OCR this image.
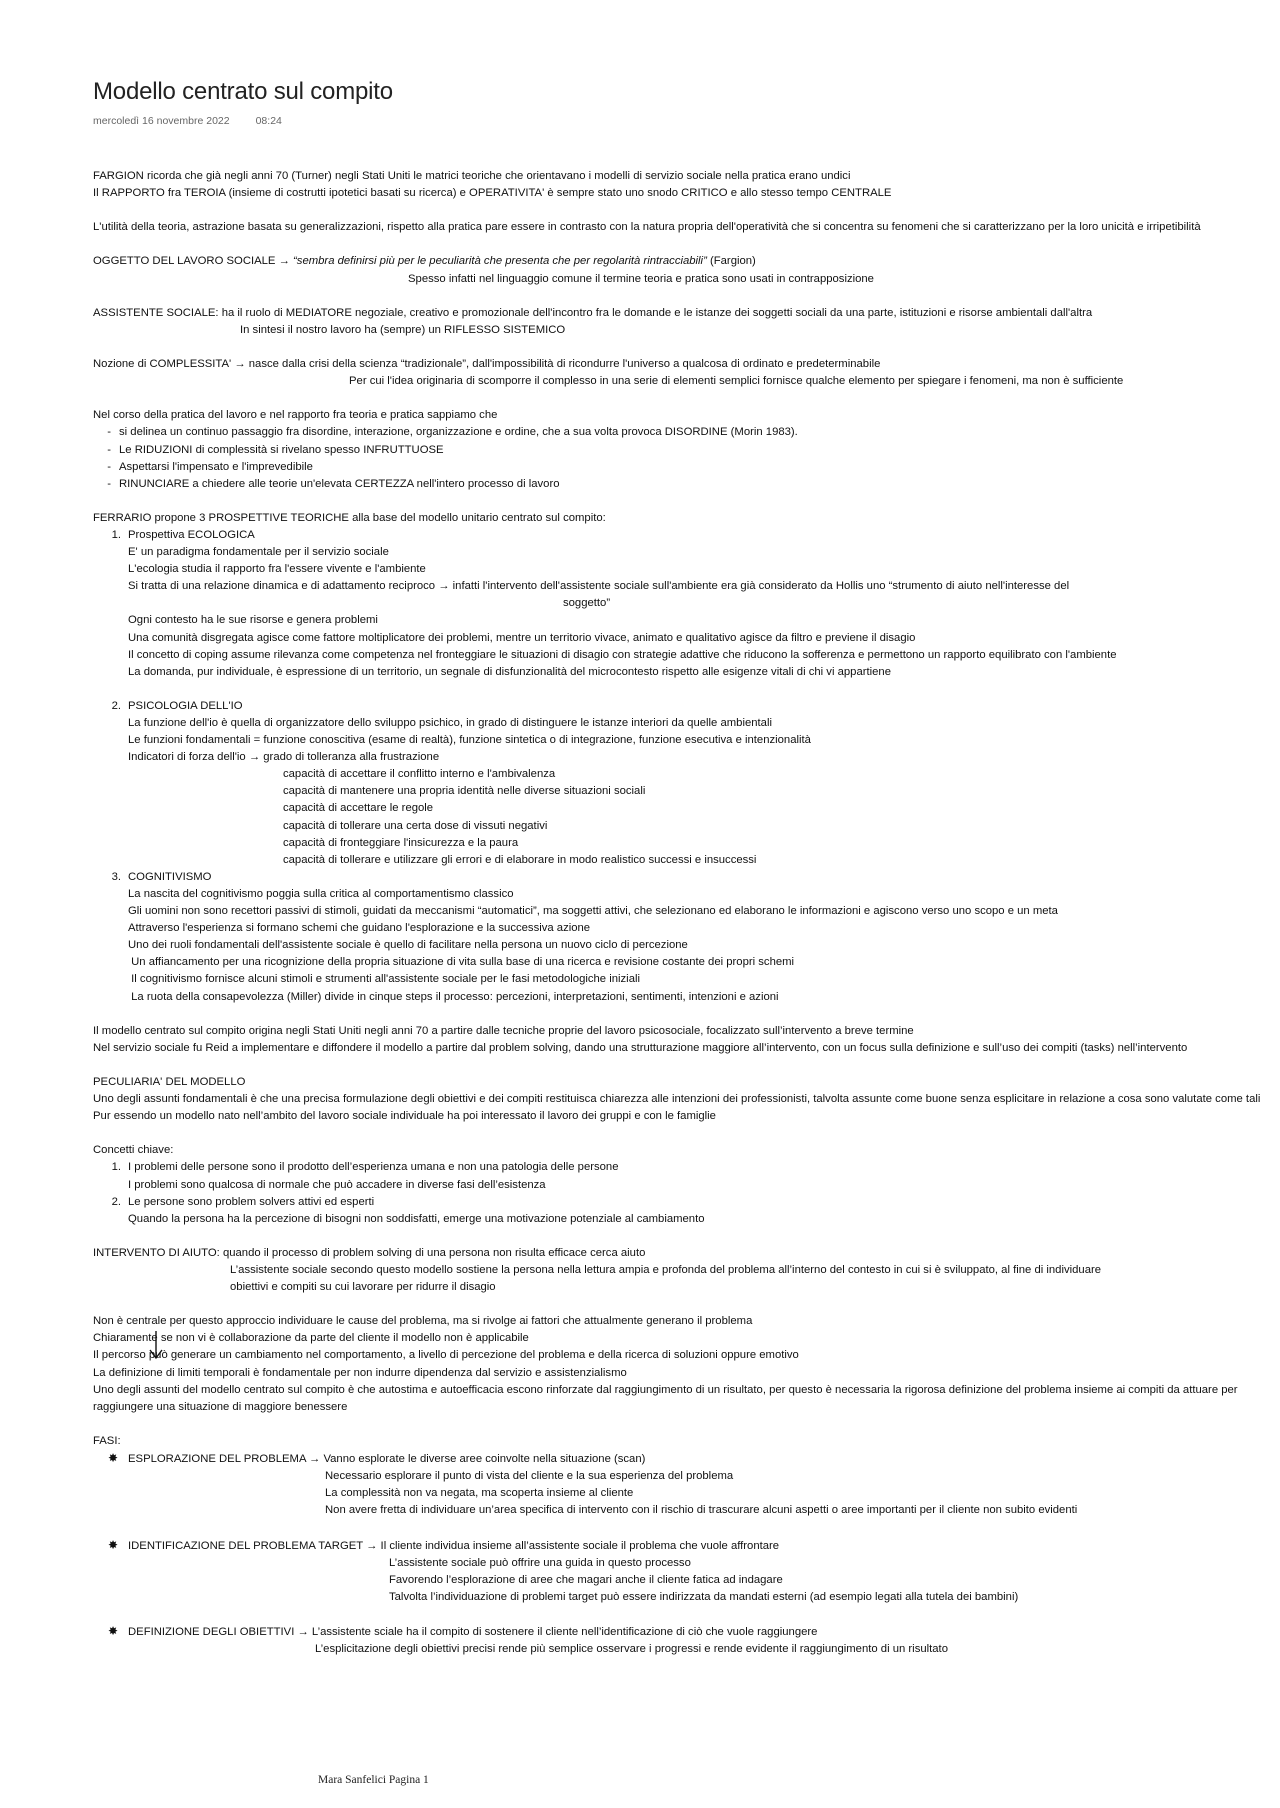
Modello centrato sul compito
mercoledì 16 novembre 2022 08:24

FARGION ricorda che già negli anni 70 (Turner) negli Stati Uniti le matrici teoriche che orientavano i modelli di servizio sociale nella pratica erano undici

Il RAPPORTO fra TEROIA (insieme di costrutti ipotetici basati su ricerca) e OPERATIVITA' è sempre stato uno snodo CRITICO e allo stesso tempo CENTRALE

L'utilità della teoria, astrazione basata su generalizzazioni, rispetto alla pratica pare essere in contrasto con la natura propria dell'operatività che si concentra su fenomeni che si caratterizzano per la loro unicità e irripetibilità

OGGETTO DEL LAVORO SOCIALE → “sembra definirsi più per le peculiarità che presenta che per regolarità rintracciabili” (Fargion)

Spesso infatti nel linguaggio comune il termine teoria e pratica sono usati in contrapposizione

ASSISTENTE SOCIALE: ha il ruolo di MEDIATORE negoziale, creativo e promozionale dell'incontro fra le domande e le istanze dei soggetti sociali da una parte, istituzioni e risorse ambientali dall'altra

In sintesi il nostro lavoro ha (sempre) un RIFLESSO SISTEMICO

Nozione di COMPLESSITA' → nasce dalla crisi della scienza “tradizionale”, dall'impossibilità di ricondurre l'universo a qualcosa di ordinato e predeterminabile

Per cui l'idea originaria di scomporre il complesso in una serie di elementi semplici fornisce qualche elemento per spiegare i fenomeni, ma non è sufficiente

Nel corso della pratica del lavoro e nel rapporto fra teoria e pratica sappiamo che

- si delinea un continuo passaggio fra disordine, interazione, organizzazione e ordine, che a sua volta provoca DISORDINE (Morin 1983).

- Le RIDUZIONI di complessità si rivelano spesso INFRUTTUOSE

- Aspettarsi l'impensato e l'imprevedibile

- RINUNCIARE a chiedere alle teorie un'elevata CERTEZZA nell'intero processo di lavoro

FERRARIO propone 3 PROSPETTIVE TEORICHE alla base del modello unitario centrato sul compito:

1. Prospettiva ECOLOGICA

E' un paradigma fondamentale per il servizio sociale

L'ecologia studia il rapporto fra l'essere vivente e l'ambiente

Si tratta di una relazione dinamica e di adattamento reciproco → infatti l'intervento dell'assistente sociale sull'ambiente era già considerato da Hollis uno “strumento di aiuto nell'interesse del

soggetto”

Ogni contesto ha le sue risorse e genera problemi

Una comunità disgregata agisce come fattore moltiplicatore dei problemi, mentre un territorio vivace, animato e qualitativo agisce da filtro e previene il disagio

Il concetto di coping assume rilevanza come competenza nel fronteggiare le situazioni di disagio con strategie adattive che riducono la sofferenza e permettono un rapporto equilibrato con l'ambiente

La domanda, pur individuale, è espressione di un territorio, un segnale di disfunzionalità del microcontesto rispetto alle esigenze vitali di chi vi appartiene

2. PSICOLOGIA DELL'IO

La funzione dell'io è quella di organizzatore dello sviluppo psichico, in grado di distinguere le istanze interiori da quelle ambientali

Le funzioni fondamentali = funzione conoscitiva (esame di realtà), funzione sintetica o di integrazione, funzione esecutiva e intenzionalità

Indicatori di forza dell'io → grado di tolleranza alla frustrazione

capacità di accettare il conflitto interno e l'ambivalenza

capacità di mantenere una propria identità nelle diverse situazioni sociali

capacità di accettare le regole

capacità di tollerare una certa dose di vissuti negativi

capacità di fronteggiare l'insicurezza e la paura

capacità di tollerare e utilizzare gli errori e di elaborare in modo realistico successi e insuccessi

3. COGNITIVISMO

La nascita del cognitivismo poggia sulla critica al comportamentismo classico

Gli uomini non sono recettori passivi di stimoli, guidati da meccanismi “automatici”, ma soggetti attivi, che selezionano ed elaborano le informazioni e agiscono verso uno scopo e un meta

Attraverso l'esperienza si formano schemi che guidano l'esplorazione e la successiva azione

Uno dei ruoli fondamentali dell'assistente sociale è quello di facilitare nella persona un nuovo ciclo di percezione

Un affiancamento per una ricognizione della propria situazione di vita sulla base di una ricerca e revisione costante dei propri schemi

Il cognitivismo fornisce alcuni stimoli e strumenti all'assistente sociale per le fasi metodologiche iniziali

La ruota della consapevolezza (Miller) divide in cinque steps il processo: percezioni, interpretazioni, sentimenti, intenzioni e azioni

Il modello centrato sul compito origina negli Stati Uniti negli anni 70 a partire dalle tecniche proprie del lavoro psicosociale, focalizzato sull’intervento a breve termine

Nel servizio sociale fu Reid a implementare e diffondere il modello a partire dal problem solving, dando una strutturazione maggiore all’intervento, con un focus sulla definizione e sull’uso dei compiti (tasks) nell’intervento

PECULIARIA' DEL MODELLO

Uno degli assunti fondamentali è che una precisa formulazione degli obiettivi e dei compiti restituisca chiarezza alle intenzioni dei professionisti, talvolta assunte come buone senza esplicitare in relazione a cosa sono valutate come tali

Pur essendo un modello nato nell’ambito del lavoro sociale individuale ha poi interessato il lavoro dei gruppi e con le famiglie

Concetti chiave:

1. I problemi delle persone sono il prodotto dell’esperienza umana e non una patologia delle persone

I problemi sono qualcosa di normale che può accadere in diverse fasi dell’esistenza

2. Le persone sono problem solvers attivi ed esperti

Quando la persona ha la percezione di bisogni non soddisfatti, emerge una motivazione potenziale al cambiamento

INTERVENTO DI AIUTO: quando il processo di problem solving di una persona non risulta efficace cerca aiuto

L’assistente sociale secondo questo modello sostiene la persona nella lettura ampia e profonda del problema all’interno del contesto in cui si è sviluppato, al fine di individuare

obiettivi e compiti su cui lavorare per ridurre il disagio

Non è centrale per questo approccio individuare le cause del problema, ma si rivolge ai fattori che attualmente generano il problema

Chiaramente se non vi è collaborazione da parte del cliente il modello non è applicabile

Il percorso può generare un cambiamento nel comportamento, a livello di percezione del problema e della ricerca di soluzioni oppure emotivo

La definizione di limiti temporali è fondamentale per non indurre dipendenza dal servizio e assistenzialismo

Uno degli assunti del modello centrato sul compito è che autostima e autoefficacia escono rinforzate dal raggiungimento di un risultato, per questo è necessaria la rigorosa definizione del problema insieme ai compiti da attuare per raggiungere una situazione di maggiore benessere

FASI:

✸ ESPLORAZIONE DEL PROBLEMA → Vanno esplorate le diverse aree coinvolte nella situazione (scan)

Necessario esplorare il punto di vista del cliente e la sua esperienza del problema

La complessità non va negata, ma scoperta insieme al cliente

Non avere fretta di individuare un’area specifica di intervento con il rischio di trascurare alcuni aspetti o aree importanti per il cliente non subito evidenti

✸ IDENTIFICAZIONE DEL PROBLEMA TARGET → Il cliente individua insieme all’assistente sociale il problema che vuole affrontare

L’assistente sociale può offrire una guida in questo processo

Favorendo l’esplorazione di aree che magari anche il cliente fatica ad indagare

Talvolta l’individuazione di problemi target può essere indirizzata da mandati esterni (ad esempio legati alla tutela dei bambini)

✸ DEFINIZIONE DEGLI OBIETTIVI → L’assistente sciale ha il compito di sostenere il cliente nell’identificazione di ciò che vuole raggiungere

L’esplicitazione degli obiettivi precisi rende più semplice osservare i progressi e rende evidente il raggiungimento di un risultato

Mara Sanfelici Pagina 1
